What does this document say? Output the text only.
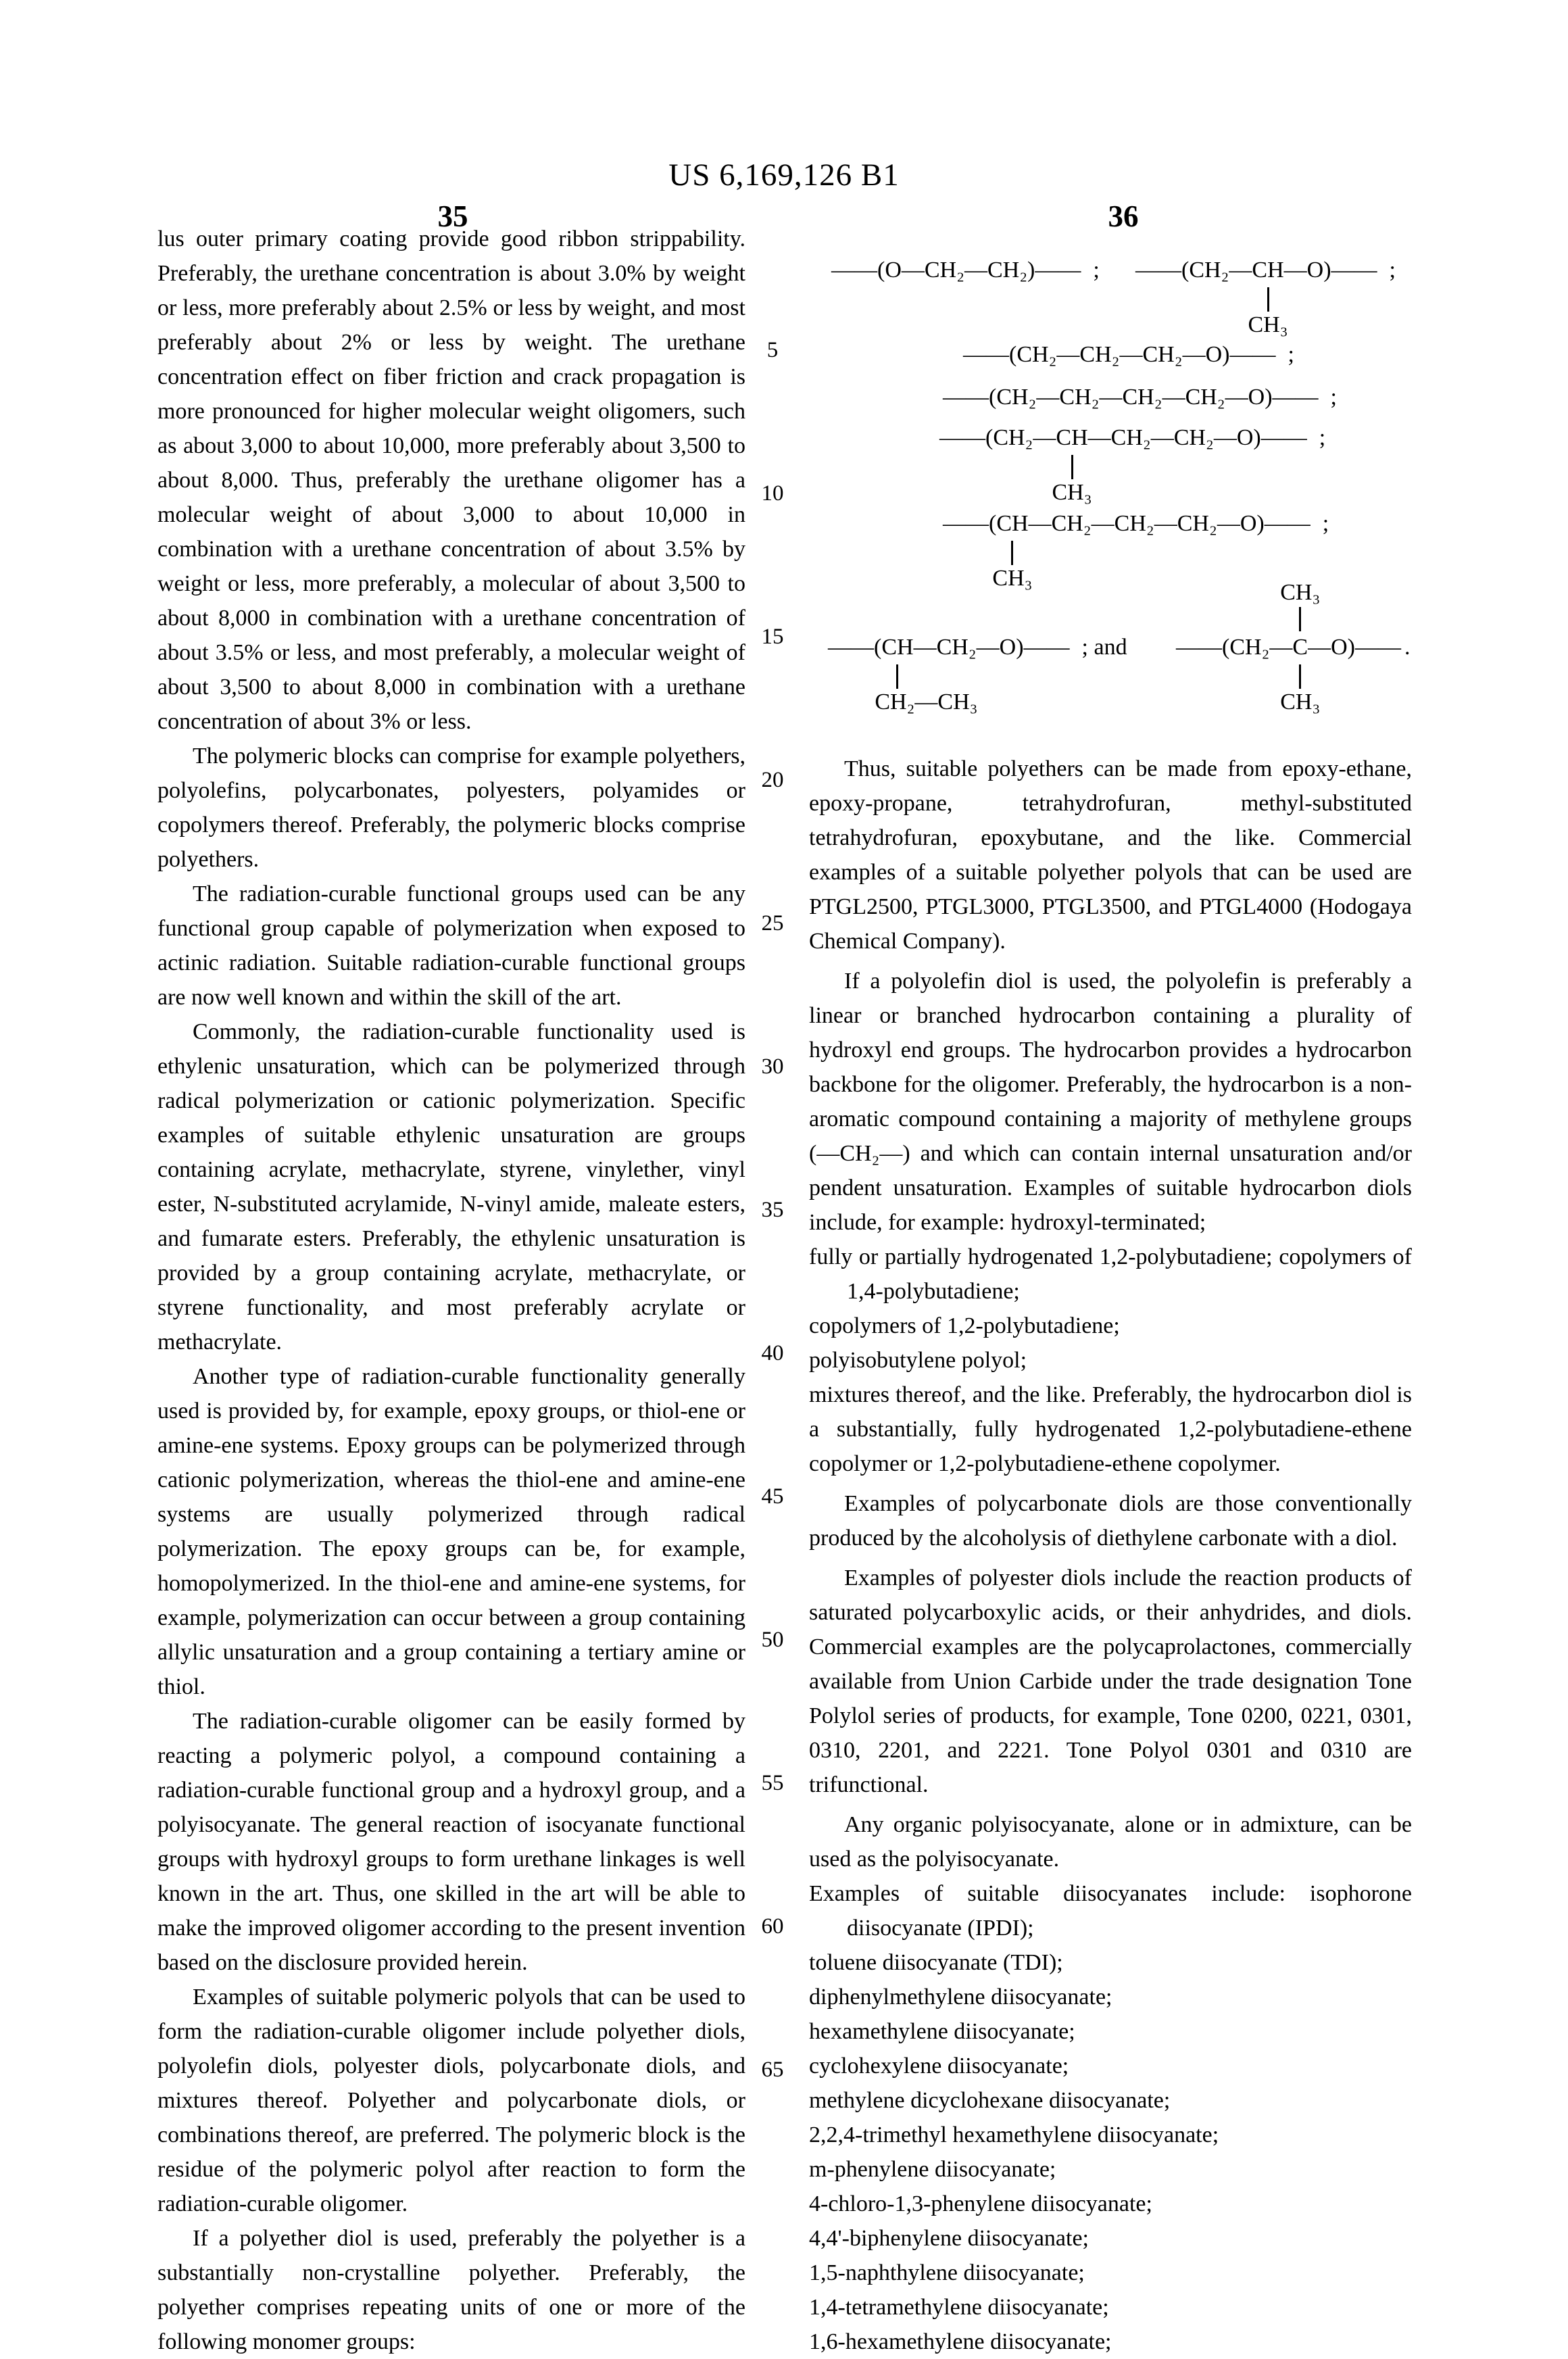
US 6,169,126 B1
35	36
5
10
15
20
25
30
35
40
45
50
55
60
65

lus outer primary coating provide good ribbon strippability. Preferably, the urethane concentration is about 3.0% by weight or less, more preferably about 2.5% or less by weight, and most preferably about 2% or less by weight. The urethane concentration effect on fiber friction and crack propagation is more pronounced for higher molecular weight oligomers, such as about 3,000 to about 10,000, more preferably about 3,500 to about 8,000. Thus, preferably the urethane oligomer has a molecular weight of about 3,000 to about 10,000 in combination with a urethane concentration of about 3.5% by weight or less, more preferably, a molecular of about 3,500 to about 8,000 in combination with a urethane concentration of about 3.5% or less, and most preferably, a molecular weight of about 3,500 to about 8,000 in combination with a urethane concentration of about 3% or less.

The polymeric blocks can comprise for example polyethers, polyolefins, polycarbonates, polyesters, polyamides or copolymers thereof. Preferably, the polymeric blocks comprise polyethers.

The radiation-curable functional groups used can be any functional group capable of polymerization when exposed to actinic radiation. Suitable radiation-curable functional groups are now well known and within the skill of the art.

Commonly, the radiation-curable functionality used is ethylenic unsaturation, which can be polymerized through radical polymerization or cationic polymerization. Specific examples of suitable ethylenic unsaturation are groups containing acrylate, methacrylate, styrene, vinylether, vinyl ester, N-substituted acrylamide, N-vinyl amide, maleate esters, and fumarate esters. Preferably, the ethylenic unsaturation is provided by a group containing acrylate, methacrylate, or styrene functionality, and most preferably acrylate or methacrylate.

Another type of radiation-curable functionality generally used is provided by, for example, epoxy groups, or thiol-ene or amine-ene systems. Epoxy groups can be polymerized through cationic polymerization, whereas the thiol-ene and amine-ene systems are usually polymerized through radical polymerization. The epoxy groups can be, for example, homopolymerized. In the thiol-ene and amine-ene systems, for example, polymerization can occur between a group containing allylic unsaturation and a group containing a tertiary amine or thiol.

The radiation-curable oligomer can be easily formed by reacting a polymeric polyol, a compound containing a radiation-curable functional group and a hydroxyl group, and a polyisocyanate. The general reaction of isocyanate functional groups with hydroxyl groups to form urethane linkages is well known in the art. Thus, one skilled in the art will be able to make the improved oligomer according to the present invention based on the disclosure provided herein.

Examples of suitable polymeric polyols that can be used to form the radiation-curable oligomer include polyether diols, polyolefin diols, polyester diols, polycarbonate diols, and mixtures thereof. Polyether and polycarbonate diols, or combinations thereof, are preferred. The polymeric block is the residue of the polymeric polyol after reaction to form the radiation-curable oligomer.

If a polyether diol is used, preferably the polyether is a substantially non-crystalline polyether. Preferably, the polyether comprises repeating units of one or more of the following monomer groups:

——(O—CH₂—CH₂)—— ; ——(CH₂—CH
CH₃
—O)—— ;
——(CH₂—CH₂—CH₂—O)—— ;
——(CH₂—CH₂—CH₂—CH₂—O)—— ;
——(CH₂—CH
CH₃
—CH₂—CH₂—O)—— ;
——(CH
CH₃
—CH₂—CH₂—CH₂—O)—— ;
——(CH
CH₂—CH₃
—CH₂—O)—— ; and ——(CH₂—C
CH₃
CH₃
—O)—— .

Thus, suitable polyethers can be made from epoxy-ethane, epoxy-propane, tetrahydrofuran, methyl-substituted tetrahydrofuran, epoxybutane, and the like. Commercial examples of a suitable polyether polyols that can be used are PTGL2500, PTGL3000, PTGL3500, and PTGL4000 (Hodogaya Chemical Company).

If a polyolefin diol is used, the polyolefin is preferably a linear or branched hydrocarbon containing a plurality of hydroxyl end groups. The hydrocarbon provides a hydrocarbon backbone for the oligomer. Preferably, the hydrocarbon is a non-aromatic compound containing a majority of methylene groups (—CH₂—) and which can contain internal unsaturation and/or pendent unsaturation. Examples of suitable hydrocarbon diols include, for example: hydroxyl-terminated;

fully or partially hydrogenated 1,2-polybutadiene; copolymers of 1,4-polybutadiene;

copolymers of 1,2-polybutadiene;

polyisobutylene polyol;

mixtures thereof, and the like. Preferably, the hydrocarbon diol is a substantially, fully hydrogenated 1,2-polybutadiene-ethene copolymer or 1,2-polybutadiene-ethene copolymer.

Examples of polycarbonate diols are those conventionally produced by the alcoholysis of diethylene carbonate with a diol.

Examples of polyester diols include the reaction products of saturated polycarboxylic acids, or their anhydrides, and diols. Commercial examples are the polycaprolactones, commercially available from Union Carbide under the trade designation Tone Polylol series of products, for example, Tone 0200, 0221, 0301, 0310, 2201, and 2221. Tone Polyol 0301 and 0310 are trifunctional.

Any organic polyisocyanate, alone or in admixture, can be used as the polyisocyanate.

Examples of suitable diisocyanates include: isophorone diisocyanate (IPDI);

toluene diisocyanate (TDI);

diphenylmethylene diisocyanate;

hexamethylene diisocyanate;

cyclohexylene diisocyanate;

methylene dicyclohexane diisocyanate;

2,2,4-trimethyl hexamethylene diisocyanate;

m-phenylene diisocyanate;

4-chloro-1,3-phenylene diisocyanate;

4,4'-biphenylene diisocyanate;

1,5-naphthylene diisocyanate;

1,4-tetramethylene diisocyanate;

1,6-hexamethylene diisocyanate;
